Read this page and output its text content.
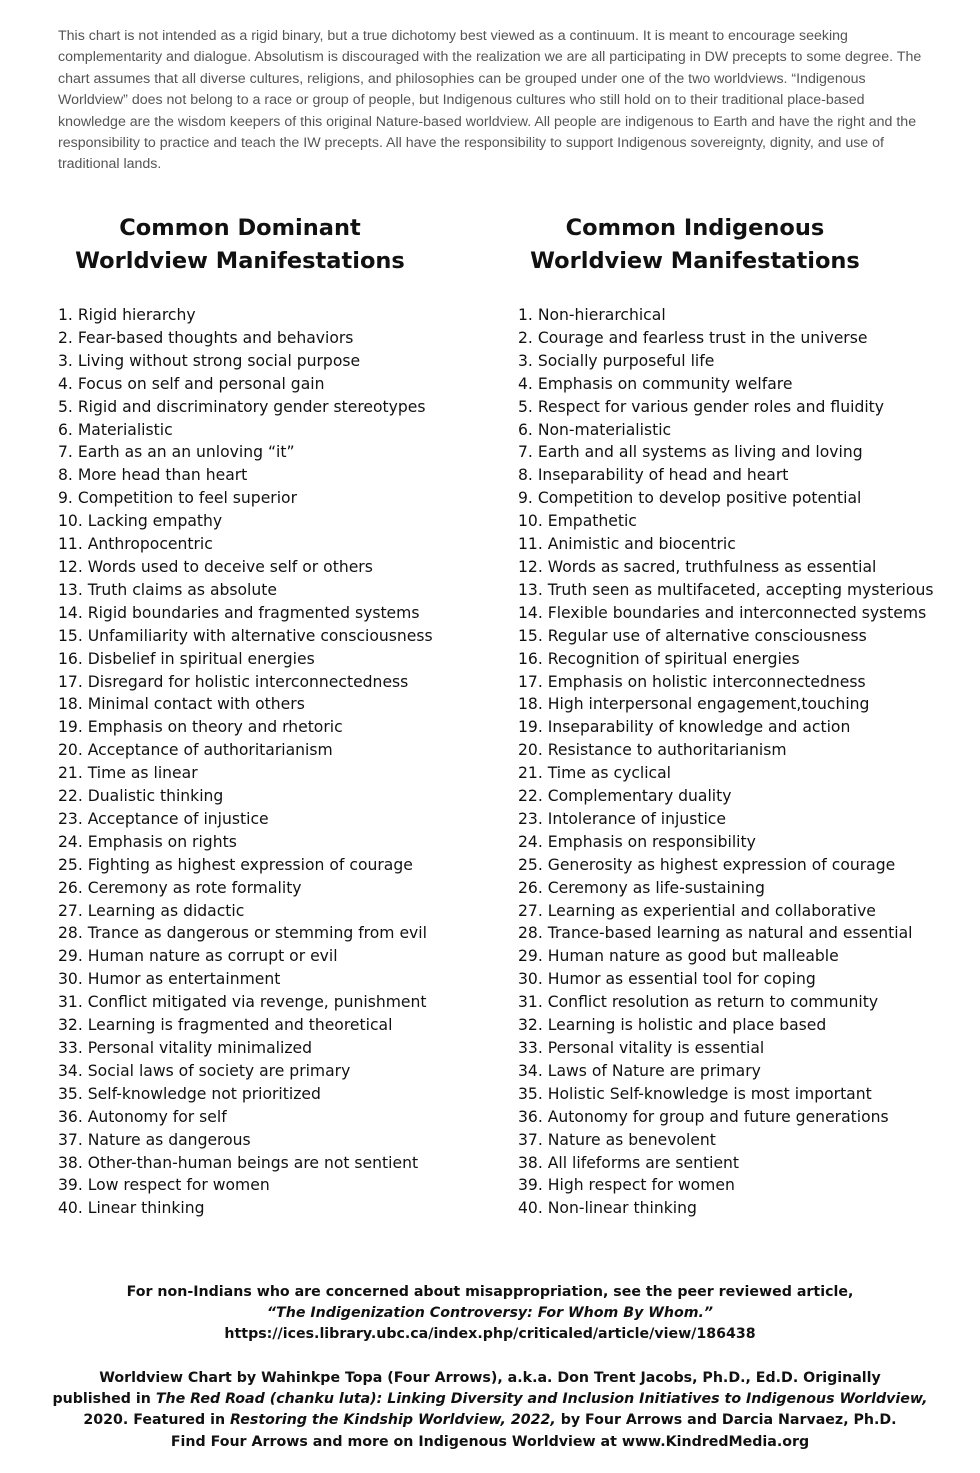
This chart is not intended as a rigid binary, but a true dichotomy best viewed as a continuum. It is meant to encourage seeking complementarity and dialogue. Absolutism is discouraged with the realization we are all participating in DW precepts to some degree. The chart assumes that all diverse cultures, religions, and philosophies can be grouped under one of the two worldviews. “Indigenous Worldview” does not belong to a race or group of people, but Indigenous cultures who still hold on to their traditional place-based knowledge are the wisdom keepers of this original Nature-based worldview. All people are indigenous to Earth and have the right and the responsibility to practice and teach the IW precepts. All have the responsibility to support Indigenous sovereignty, dignity, and use of traditional lands.

Common Dominant
Worldview Manifestations
Common Indigenous
Worldview Manifestations
1. Rigid hierarchy
2. Fear-based thoughts and behaviors
3. Living without strong social purpose
4. Focus on self and personal gain
5. Rigid and discriminatory gender stereotypes
6. Materialistic
7. Earth as an an unloving “it”
8. More head than heart
9. Competition to feel superior
10. Lacking empathy
11. Anthropocentric
12. Words used to deceive self or others
13. Truth claims as absolute
14. Rigid boundaries and fragmented systems
15. Unfamiliarity with alternative consciousness
16. Disbelief in spiritual energies
17. Disregard for holistic interconnectedness
18. Minimal contact with others
19. Emphasis on theory and rhetoric
20. Acceptance of authoritarianism
21. Time as linear
22. Dualistic thinking
23. Acceptance of injustice
24. Emphasis on rights
25. Fighting as highest expression of courage
26. Ceremony as rote formality
27. Learning as didactic
28. Trance as dangerous or stemming from evil
29. Human nature as corrupt or evil
30. Humor as entertainment
31. Conflict mitigated via revenge, punishment
32. Learning is fragmented and theoretical
33. Personal vitality minimalized
34. Social laws of society are primary
35. Self-knowledge not prioritized
36. Autonomy for self
37. Nature as dangerous
38. Other-than-human beings are not sentient
39. Low respect for women
40. Linear thinking
1. Non-hierarchical
2. Courage and fearless trust in the universe
3. Socially purposeful life
4. Emphasis on community welfare
5. Respect for various gender roles and fluidity
6. Non-materialistic
7. Earth and all systems as living and loving
8. Inseparability of head and heart
9. Competition to develop positive potential
10. Empathetic
11. Animistic and biocentric
12. Words as sacred, truthfulness as essential
13. Truth seen as multifaceted, accepting mysterious
14. Flexible boundaries and interconnected systems
15. Regular use of alternative consciousness
16. Recognition of spiritual energies
17. Emphasis on holistic interconnectedness
18. High interpersonal engagement,touching
19. Inseparability of knowledge and action
20. Resistance to authoritarianism
21. Time as cyclical
22. Complementary duality
23. Intolerance of injustice
24. Emphasis on responsibility
25. Generosity as highest expression of courage
26. Ceremony as life-sustaining
27. Learning as experiential and collaborative
28. Trance-based learning as natural and essential
29. Human nature as good but malleable
30. Humor as essential tool for coping
31. Conflict resolution as return to community
32. Learning is holistic and place based
33. Personal vitality is essential
34. Laws of Nature are primary
35. Holistic Self-knowledge is most important
36. Autonomy for group and future generations
37. Nature as benevolent
38. All lifeforms are sentient
39. High respect for women
40. Non-linear thinking
For non-Indians who are concerned about misappropriation, see the peer reviewed article,
“The Indigenization Controversy: For Whom By Whom.”
https://ices.library.ubc.ca/index.php/criticaled/article/view/186438
Worldview Chart by Wahinkpe Topa (Four Arrows), a.k.a. Don Trent Jacobs, Ph.D., Ed.D. Originally
published in The Red Road (chanku luta): Linking Diversity and Inclusion Initiatives to Indigenous Worldview,
2020. Featured in Restoring the Kindship Worldview, 2022, by Four Arrows and Darcia Narvaez, Ph.D.
Find Four Arrows and more on Indigenous Worldview at www.KindredMedia.org
